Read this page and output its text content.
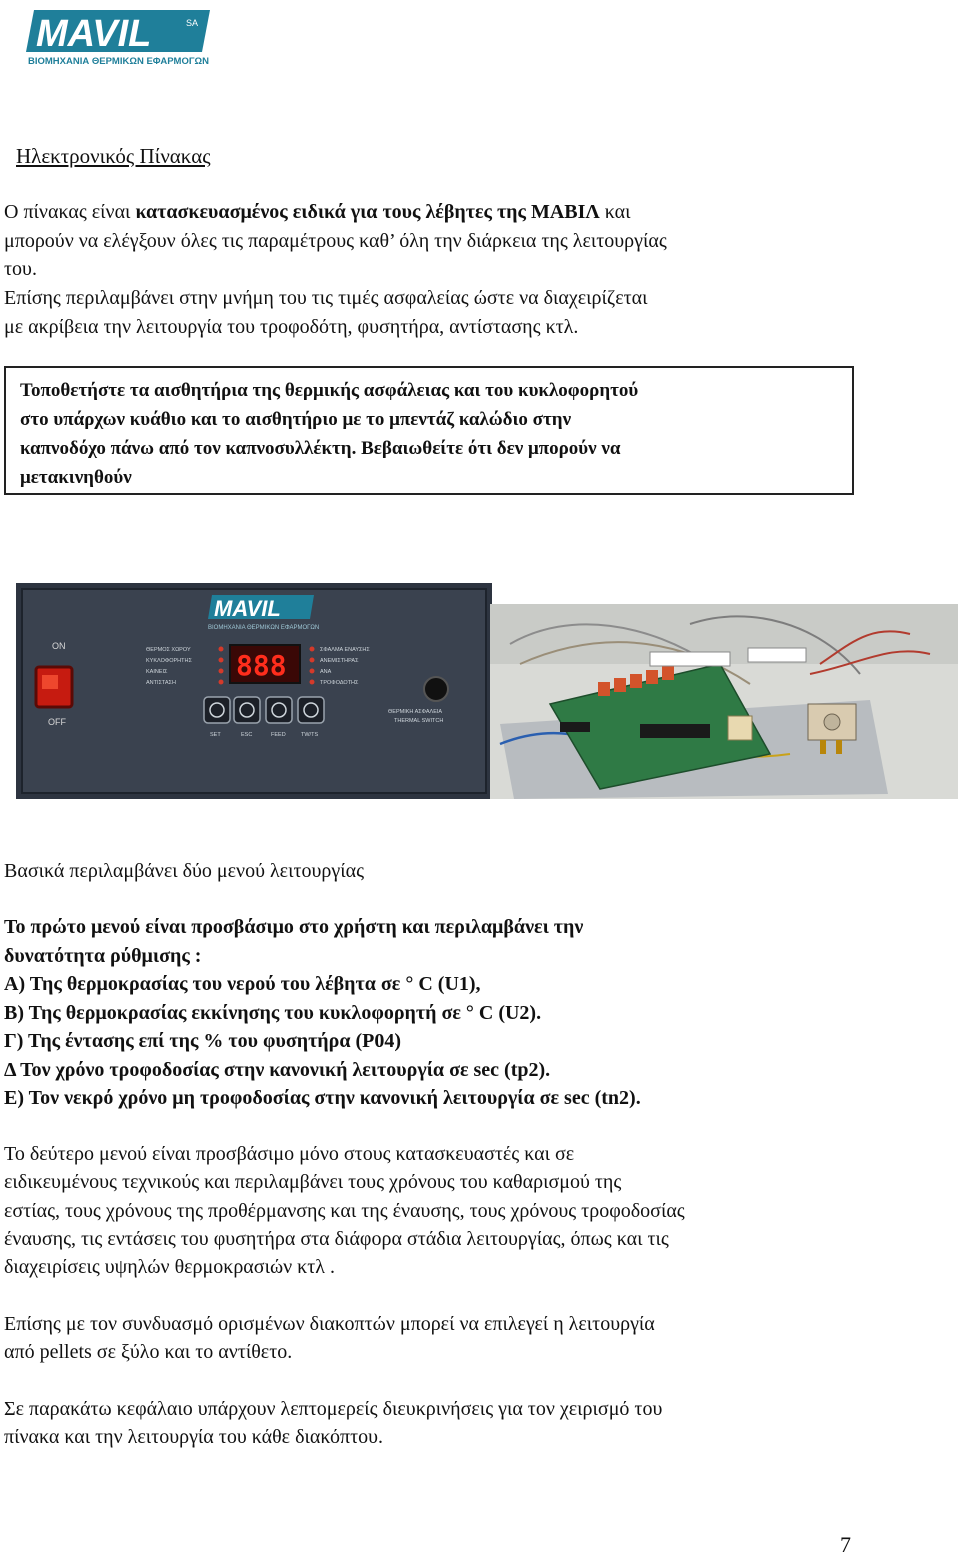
MAVIL	SA
ΒΙΟΜΗΧΑΝΙΑ ΘΕΡΜΙΚΩΝ ΕΦΑΡΜΟΓΩΝ
Ηλεκτρονικός Πίνακας
Ο πίνακας είναι κατασκευασμένος ειδικά για τους λέβητες της ΜΑΒΙΛ και
μπορούν να ελέγξουν όλες τις παραμέτρους καθ’ όλη την διάρκεια της λειτουργίας
του.
Επίσης περιλαμβάνει στην μνήμη του τις τιμές ασφαλείας ώστε να διαχειρίζεται
με ακρίβεια την λειτουργία του τροφοδότη, φυσητήρα, αντίστασης κτλ.
Τοποθετήστε τα αισθητήρια της θερμικής ασφάλειας και του κυκλοφορητού
στο υπάρχων κυάθιο και το αισθητήριο με το μπεντάζ καλώδιο στην
καπνοδόχο πάνω από τον καπνοσυλλέκτη. Βεβαιωθείτε ότι δεν μπορούν να
μετακινηθούν
MAVIL
ΒΙΟΜΗΧΑΝΙΑ ΘΕΡΜΙΚΩΝ ΕΦΑΡΜΟΓΩΝ
ON
OFF
ΘΕΡΜΟΣ ΧΩΡΟΥ
ΚΥΚΛΟΦΟΡΗΤΗΣ
ΚΑΙΝΕΙΣ
ΑΝΤΙΣΤΑΣΗ
888	ΣΦΑΛΜΑ ΕΝΑΥΣΗΣ
ΑΝΕΜΙΣΤΗΡΑΣ
ΑΝΑ
ΤΡΟΦΟΔΟΤΗΣ
SET	ESC	FEED	TW/TS
ΘΕΡΜΙΚΗ ΑΣΦΑΛΕΙΑ
THERMAL SWITCH
Βασικά περιλαμβάνει δύο μενού λειτουργίας
Το πρώτο μενού είναι προσβάσιμο στο χρήστη και περιλαμβάνει την
δυνατότητα ρύθμισης :
Α) Της θερμοκρασίας του νερού του λέβητα σε ° C (U1),
Β) Της θερμοκρασίας εκκίνησης του κυκλοφορητή σε ° C (U2).
Γ) Της έντασης επί της % του φυσητήρα (P04)
Δ Τον χρόνο τροφοδοσίας στην κανονική λειτουργία σε sec (tp2).
Ε) Τον νεκρό χρόνο μη τροφοδοσίας στην κανονική λειτουργία σε sec (tn2).
Το δεύτερο μενού είναι προσβάσιμο μόνο στους κατασκευαστές και σε
ειδικευμένους τεχνικούς και περιλαμβάνει τους χρόνους του καθαρισμού της
εστίας, τους χρόνους της προθέρμανσης και της έναυσης, τους χρόνους τροφοδοσίας
έναυσης, τις εντάσεις του φυσητήρα στα διάφορα στάδια λειτουργίας, όπως και τις
διαχειρίσεις υψηλών θερμοκρασιών κτλ .
Επίσης με τον συνδυασμό ορισμένων διακοπτών μπορεί να επιλεγεί η λειτουργία
από pellets σε ξύλο και το αντίθετο.
Σε παρακάτω κεφάλαιο υπάρχουν λεπτομερείς διευκρινήσεις για τον χειρισμό του
πίνακα και την λειτουργία του κάθε διακόπτου.
7
